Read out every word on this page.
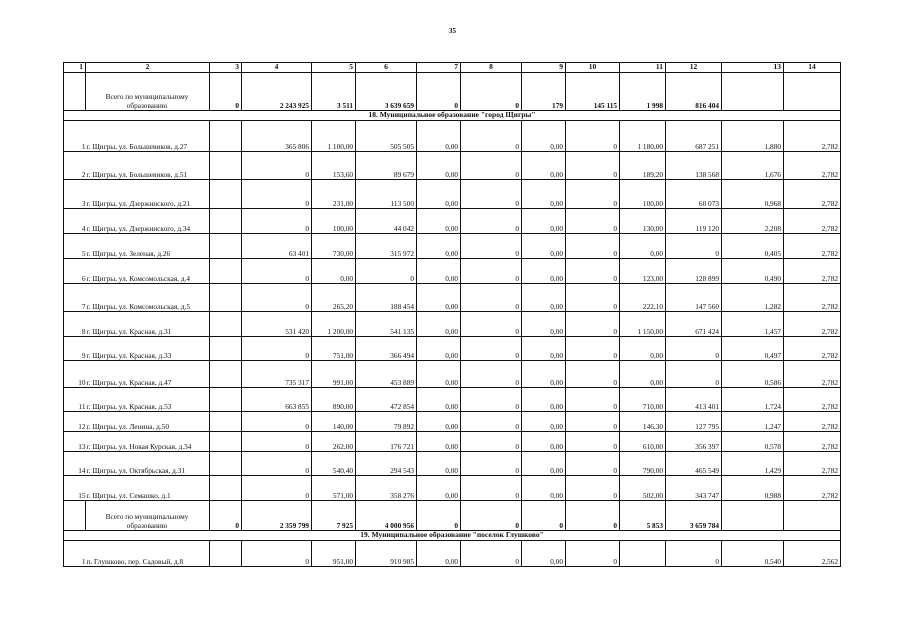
35
1	2	3	4	5	6	7	8	9	10	11	12	13	14
	Всего по муниципальному образованию	0	2 243 925	3 511	3 639 659	0	0	179	145 115	1 998	816 404		
18. Муниципальное образование "город Щигры"													
1	г. Щигры, ул. Большевиков, д.27		365 806	1 100,00	505 505	0,00	0	0,00	0	1 180,00	687 251	1,880	2,782
2	г. Щигры, ул. Большевиков, д.51		0	153,60	89 679	0,00	0	0,00	0	189,20	138 568	1,676	2,782
3	г. Щигры, ул. Дзержинского, д.21		0	231,00	113 500	0,00	0	0,00	0	100,00	60 073	0,968	2,782
4	г. Щигры, ул. Дзержинского, д.34		0	100,00	44 042	0,00	0	0,00	0	130,00	119 120	2,208	2,782
5	г. Щигры, ул. Зеленая, д.26		63 401	730,00	315 972	0,00	0	0,00	0	0,00	0	0,405	2,782
6	г. Щигры, ул. Комсомольская, д.4		0	0,00	0	0,00	0	0,00	0	123,00	128 899	0,490	2,782
7	г. Щигры, ул. Комсомольская, д.5		0	265,20	188 454	0,00	0	0,00	0	222,10	147 560	1,282	2,782
8	г. Щигры, ул. Красная, д.31		531 420	1 200,00	541 135	0,00	0	0,00	0	1 150,00	671 424	1,457	2,782
9	г. Щигры, ул. Красная, д.33		0	751,00	366 494	0,00	0	0,00	0	0,00	0	0,497	2,782
10	г. Щигры, ул. Красная, д.47		735 317	991,00	453 889	0,00	0	0,00	0	0,00	0	0,586	2,782
11	г. Щигры, ул. Красная, д.53		663 855	890,00	472 854	0,00	0	0,00	0	710,00	413 401	1,724	2,782
12	г. Щигры, ул. Ленина, д.50		0	140,00	79 892	0,00	0	0,00	0	146,30	127 795	1,247	2,782
13	г. Щигры, ул. Новая Курская, д.34		0	262,00	176 721	0,00	0	0,00	0	610,00	356 397	0,578	2,782
14	г. Щигры, ул. Октябрьская, д.31		0	540,40	294 543	0,00	0	0,00	0	790,00	465 549	1,429	2,782
15	г. Щигры, ул. Семашко, д.1		0	571,00	358 276	0,00	0	0,00	0	502,00	343 747	0,988	2,782
	Всего по муниципальному образованию	0	2 359 799	7 925	4 000 956	0	0	0	0	5 853	3 659 784		
19. Муниципальное образование "поселок Глушково"													
1	п. Глушково, пер. Садовый, д.8		0	951,00	910 985	0,00	0	0,00	0		0	0,540	2,562
